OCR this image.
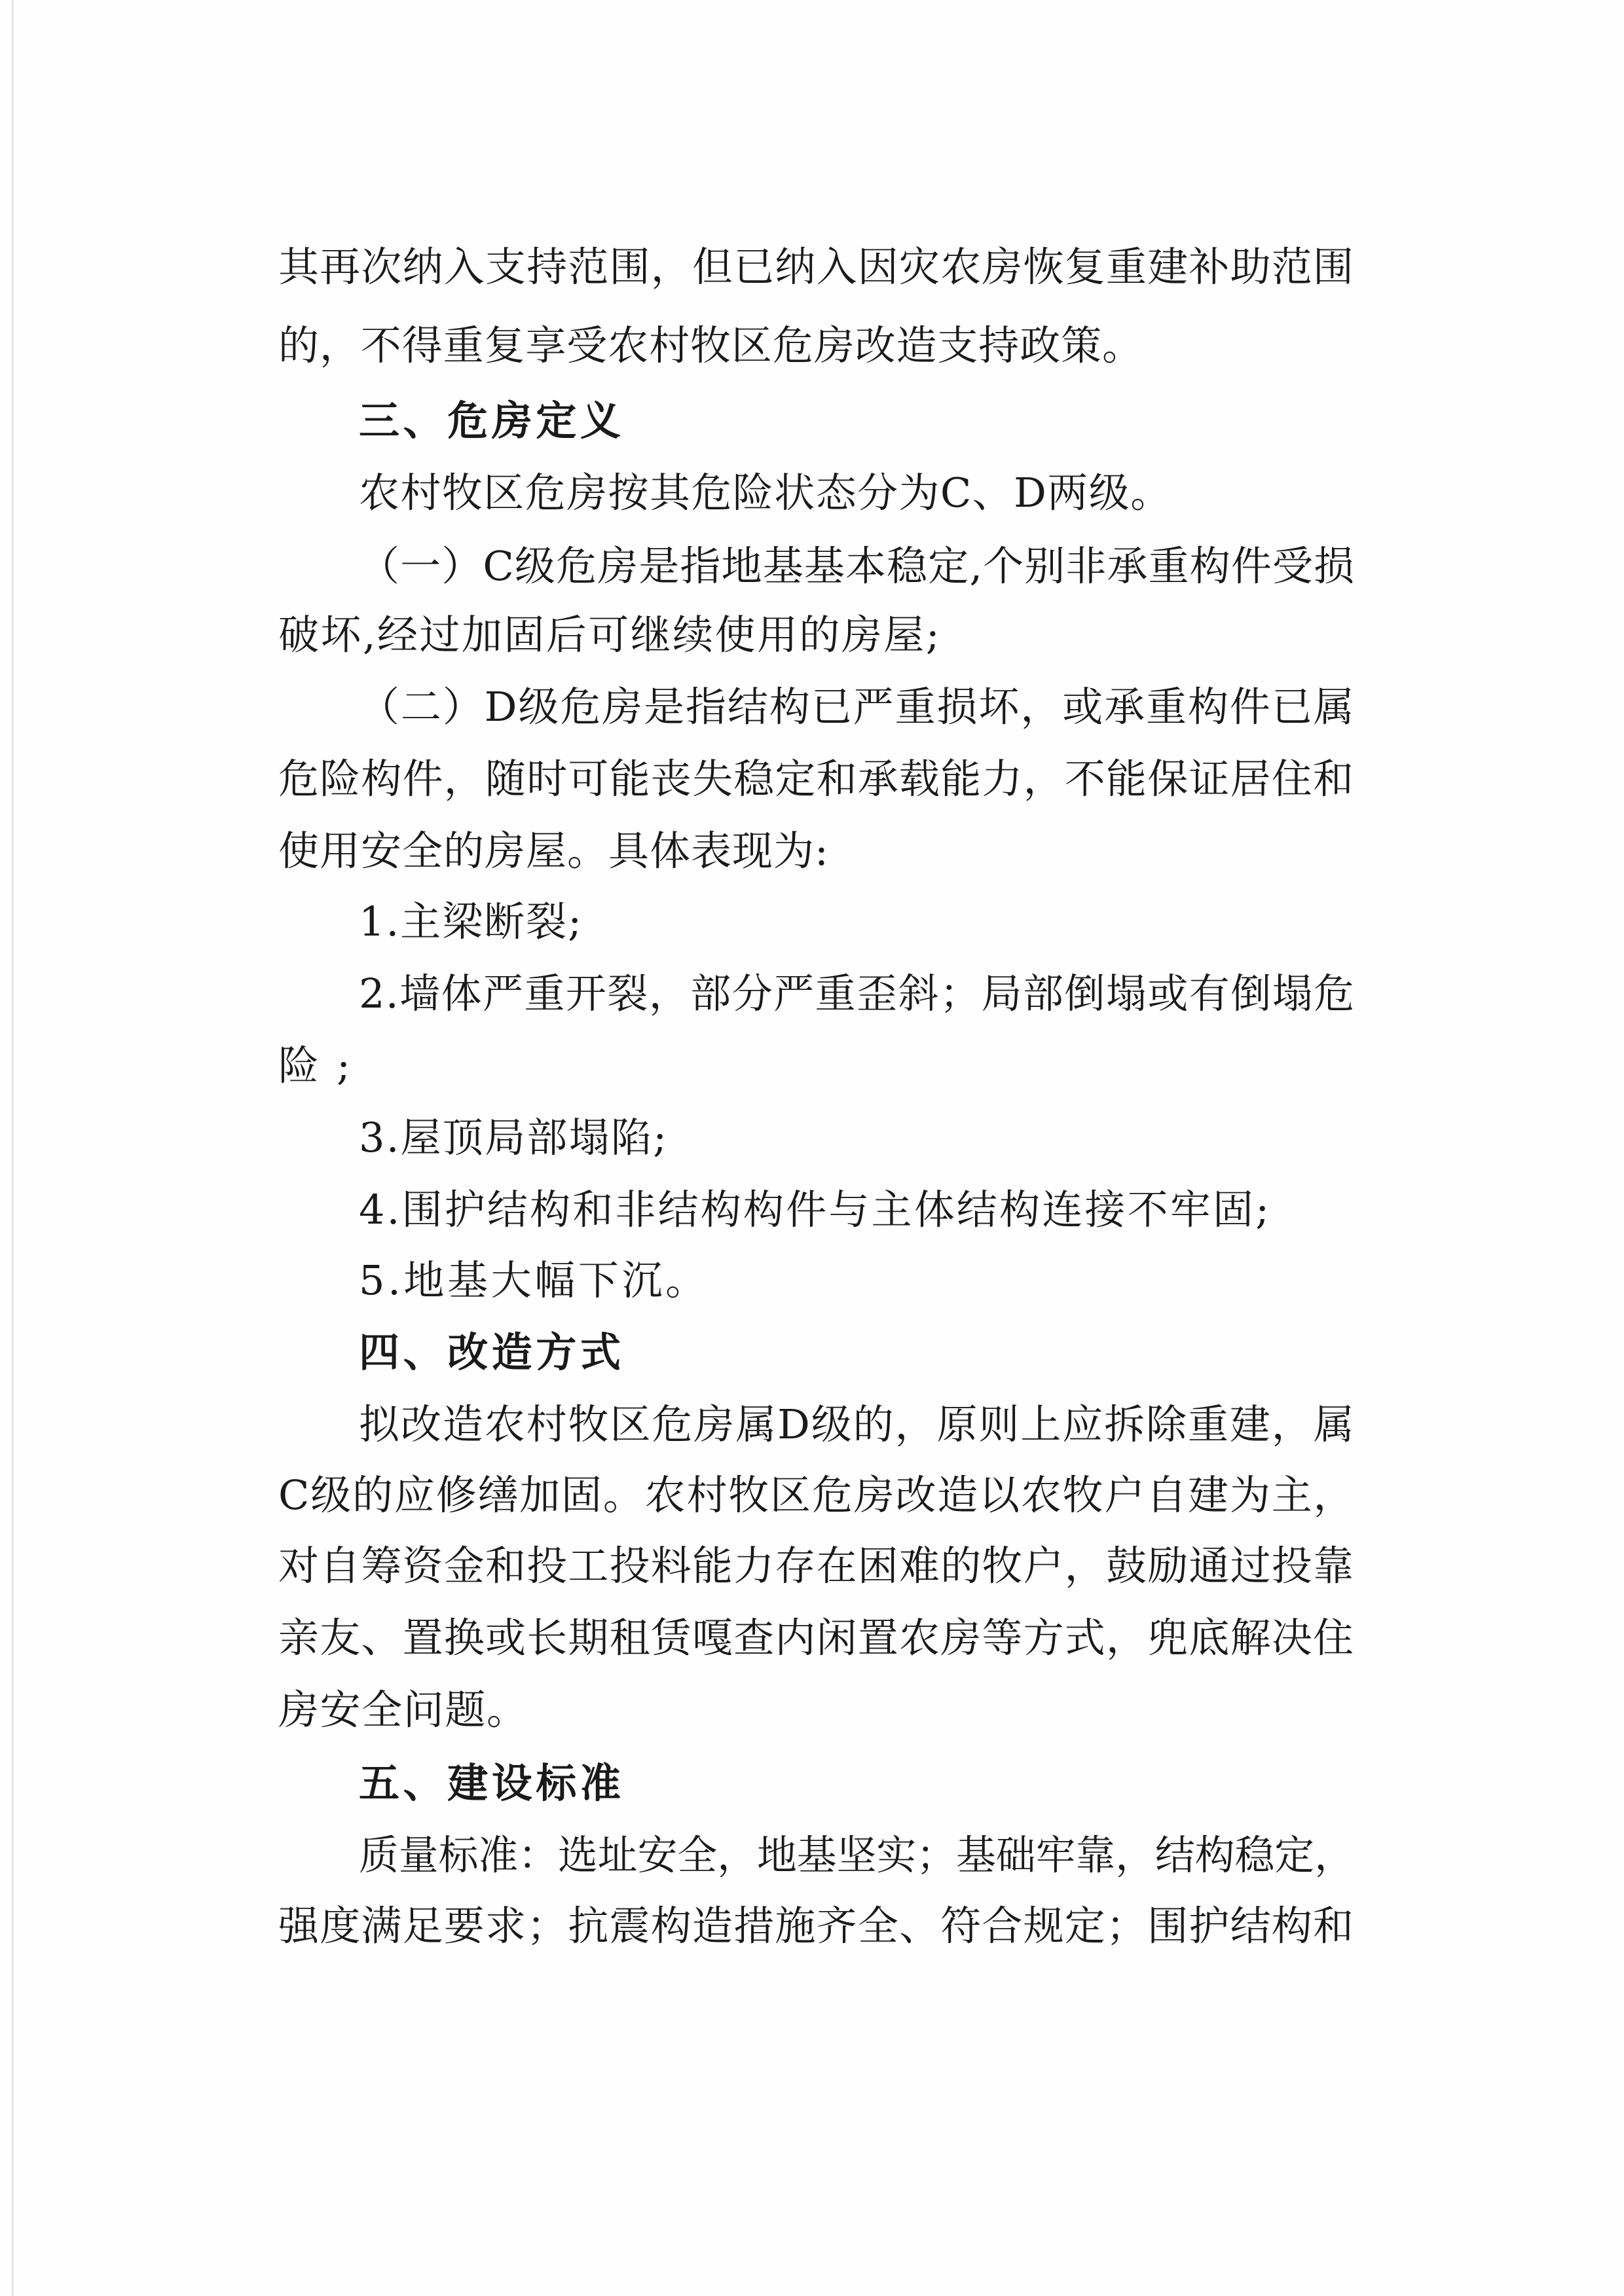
其再次纳入支持范围，但已纳入因灾农房恢复重建补助范围
的，不得重复享受农村牧区危房改造支持政策。
三、危房定义
农村牧区危房按其危险状态分为C、D两级。
（一）C级危房是指地基基本稳定,个别非承重构件受损
破坏,经过加固后可继续使用的房屋;
（二）D级危房是指结构已严重损坏，或承重构件已属
危险构件，随时可能丧失稳定和承载能力，不能保证居住和
使用安全的房屋。具体表现为:
1.主梁断裂;
2.墙体严重开裂，部分严重歪斜；局部倒塌或有倒塌危
险;
3.屋顶局部塌陷;
4.围护结构和非结构构件与主体结构连接不牢固;
5.地基大幅下沉。
四、改造方式
拟改造农村牧区危房属D级的，原则上应拆除重建，属
C级的应修缮加固。农村牧区危房改造以农牧户自建为主，
对自筹资金和投工投料能力存在困难的牧户，鼓励通过投靠
亲友、置换或长期租赁嘎查内闲置农房等方式，兜底解决住
房安全问题。
五、建设标准
质量标准：选址安全，地基坚实；基础牢靠，结构稳定，
强度满足要求；抗震构造措施齐全、符合规定；围护结构和
